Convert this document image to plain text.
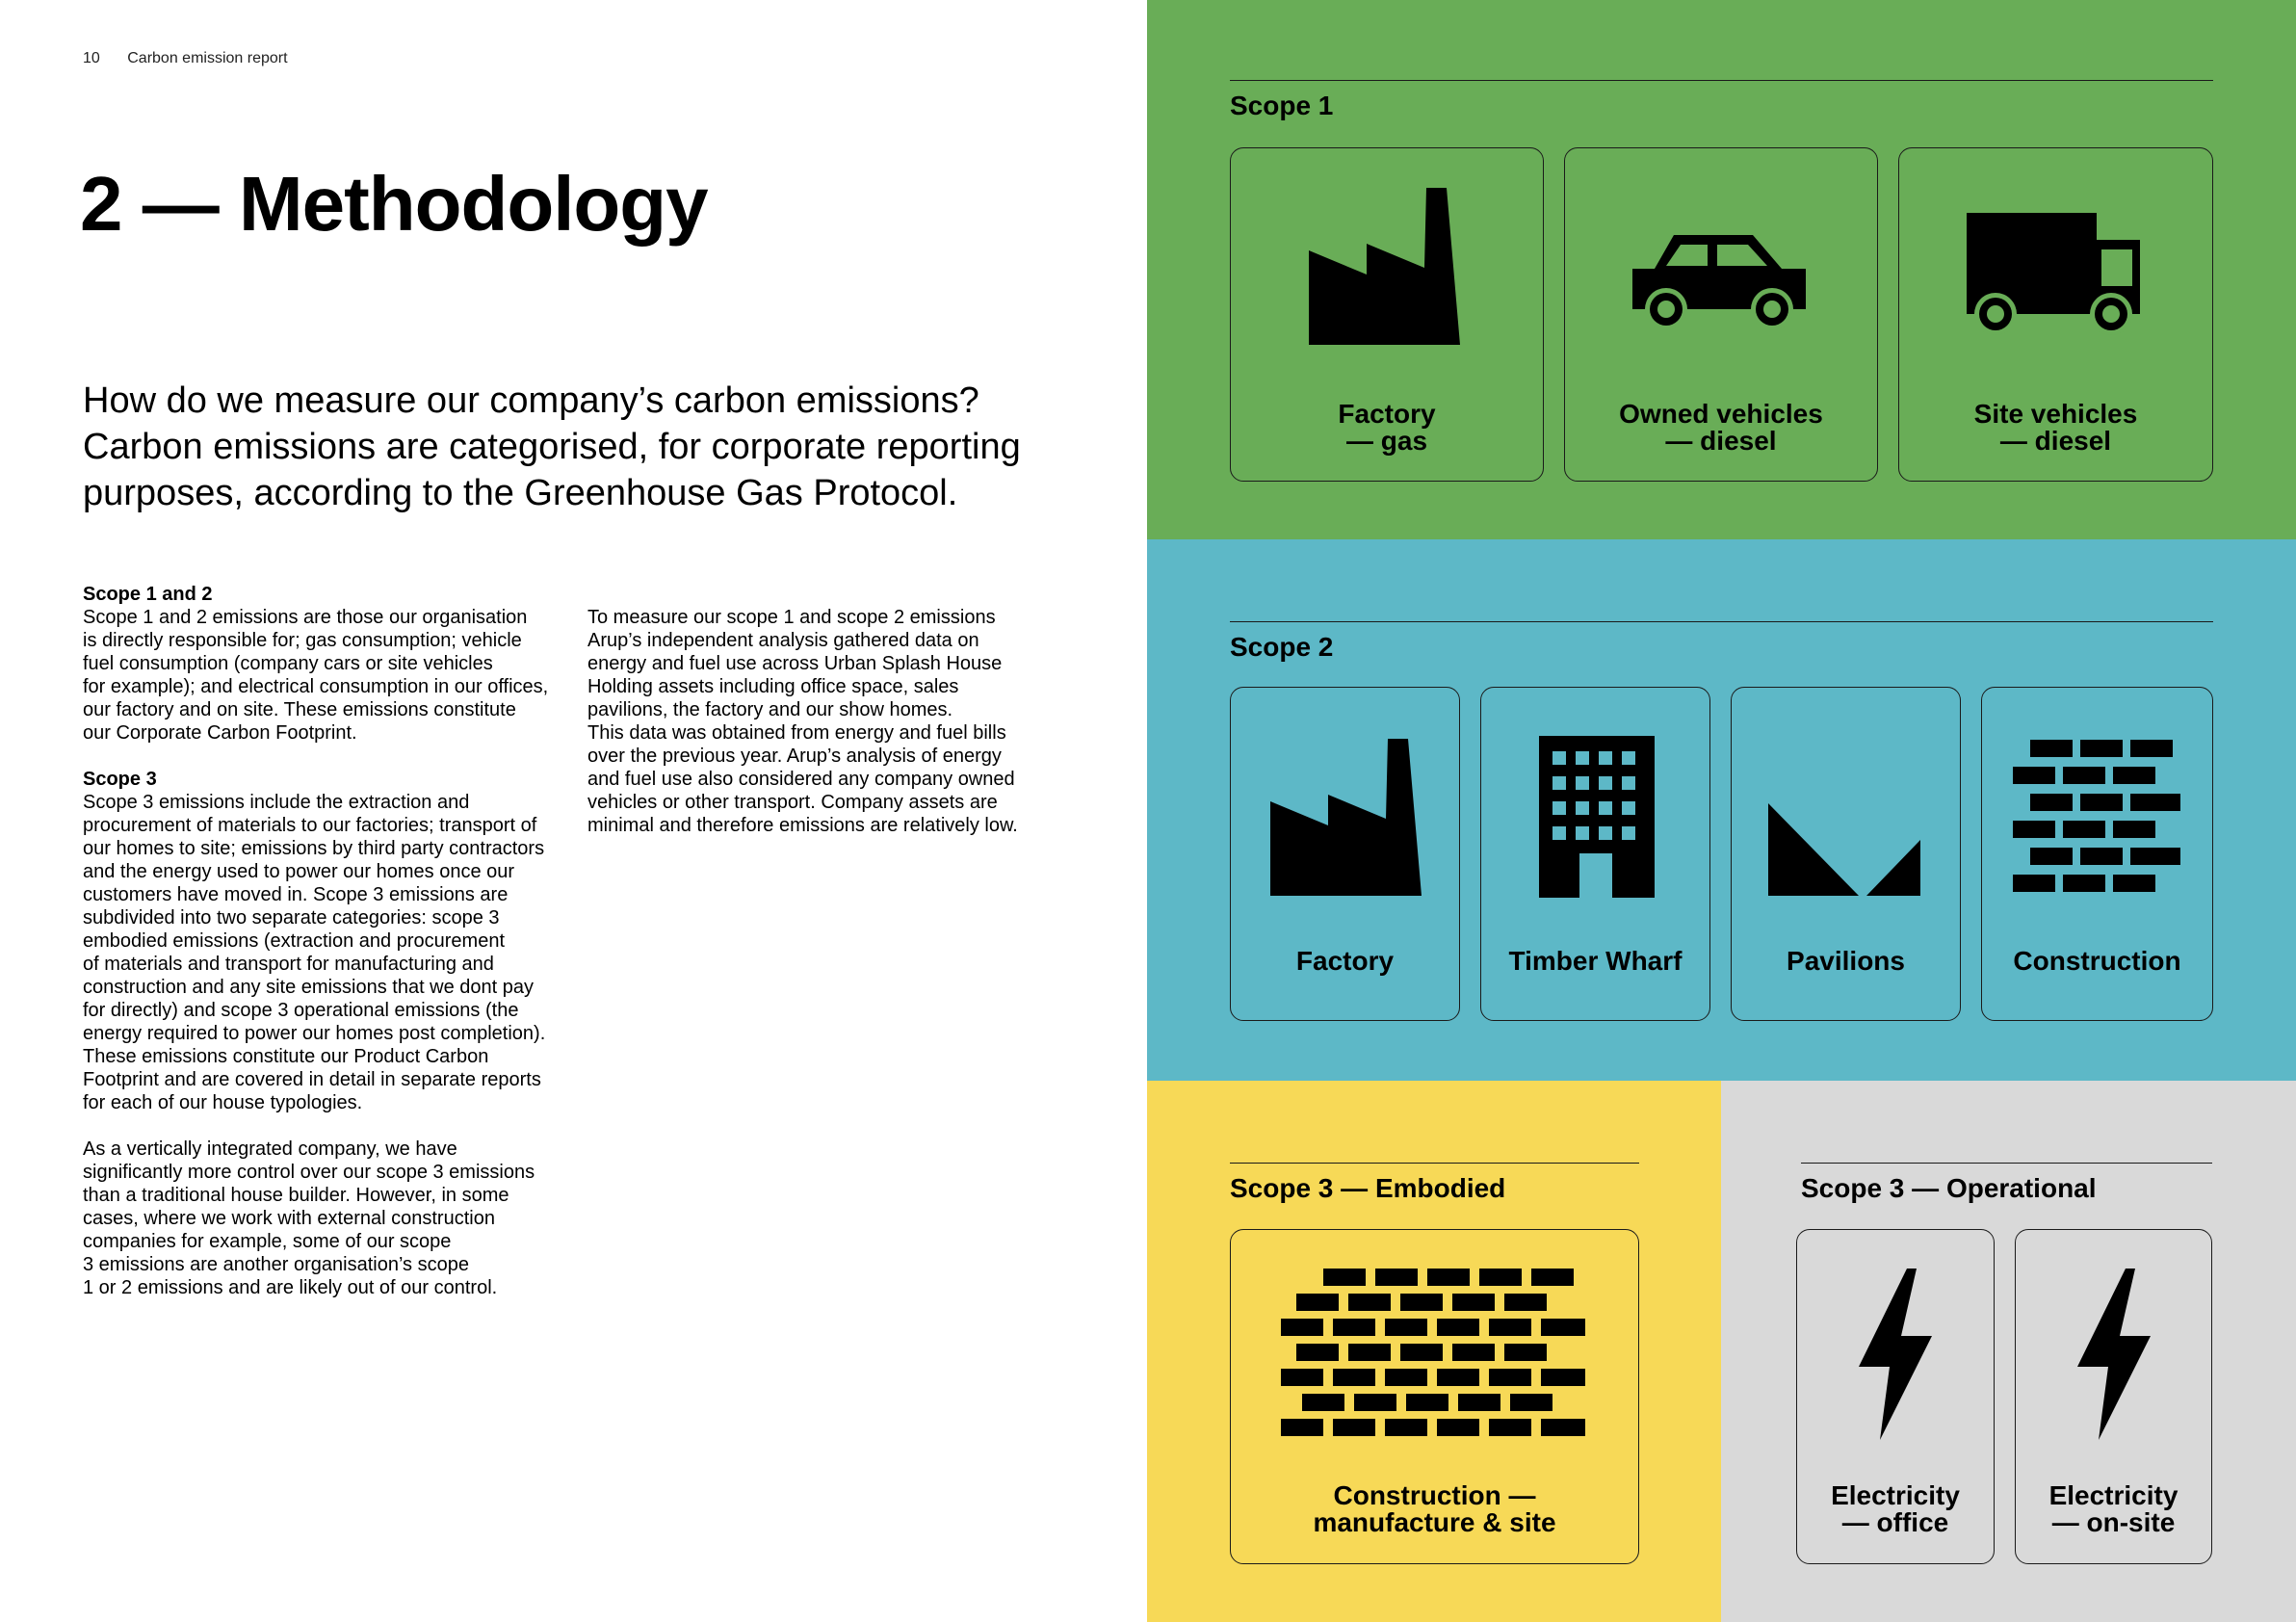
10 Carbon emission report
2 — Methodology
How do we measure our company’s carbon emissions? Carbon emissions are categorised, for corporate reporting purposes, according to the Greenhouse Gas Protocol.
Scope 1 and 2

Scope 1 and 2 emissions are those our organisation
is directly responsible for; gas consumption; vehicle
fuel consumption (company cars or site vehicles
for example); and electrical consumption in our offices,
our factory and on site. These emissions constitute
our Corporate Carbon Footprint.

Scope 3

Scope 3 emissions include the extraction and
procurement of materials to our factories; transport of
our homes to site; emissions by third party contractors
and the energy used to power our homes once our
customers have moved in. Scope 3 emissions are
subdivided into two separate categories: scope 3
embodied emissions (extraction and procurement
of materials and transport for manufacturing and
construction and any site emissions that we dont pay
for directly) and scope 3 operational emissions (the
energy required to power our homes post completion).
These emissions constitute our Product Carbon
Footprint and are covered in detail in separate reports
for each of our house typologies.

As a vertically integrated company, we have
significantly more control over our scope 3 emissions
than a traditional house builder. However, in some
cases, where we work with external construction
companies for example, some of our scope
3 emissions are another organisation’s scope
1 or 2 emissions and are likely out of our control.

To measure our scope 1 and scope 2 emissions
Arup’s independent analysis gathered data on
energy and fuel use across Urban Splash House
Holding assets including office space, sales
pavilions, the factory and our show homes.
This data was obtained from energy and fuel bills
over the previous year. Arup’s analysis of energy
and fuel use also considered any company owned
vehicles or other transport. Company assets are
minimal and therefore emissions are relatively low.

Scope 1
Factory
— gas
Owned vehicles
— diesel
Site vehicles
— diesel
Scope 2
Factory	Timber Wharf	Pavilions	Construction
Scope 3 — Embodied
Construction —
manufacture & site
Scope 3 — Operational
Electricity
— office
Electricity
— on-site
